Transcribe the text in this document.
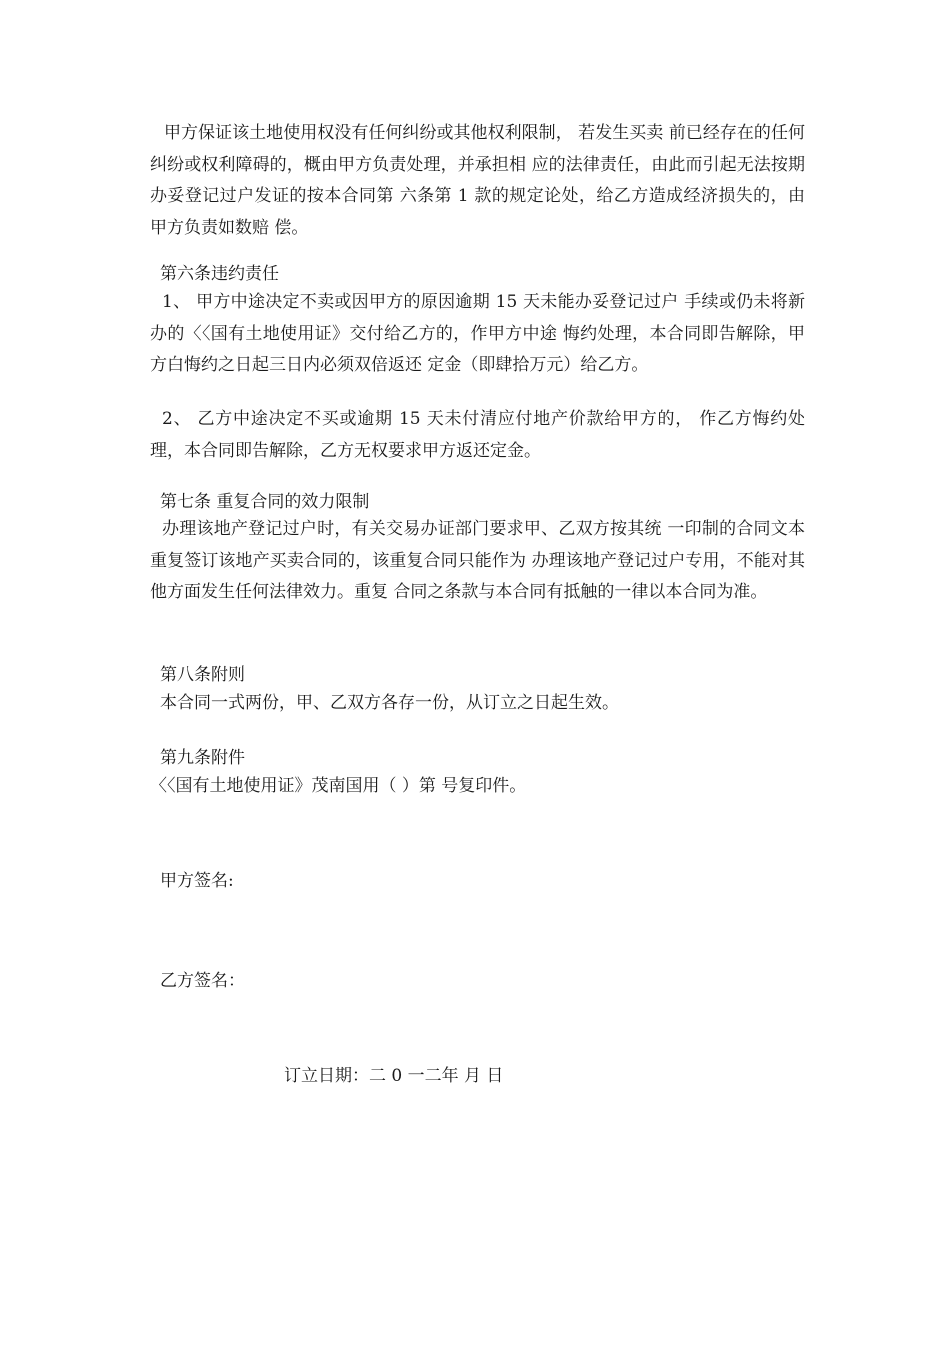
甲方保证该土地使用权没有任何纠纷或其他权利限制， 若发生买卖 前已经存在的任何纠纷或权利障碍的，概由甲方负责处理，并承担相 应的法律责任，由此而引起无法按期办妥登记过户发证的按本合同第 六条第 1 款的规定论处，给乙方造成经济损失的，由甲方负责如数赔 偿。

第六条违约责任

1、 甲方中途决定不卖或因甲方的原因逾期 15 天未能办妥登记过户 手续或仍未将新办的〈〈国有土地使用证》交付给乙方的，作甲方中途 悔约处理，本合同即告解除，甲方白悔约之日起三日内必须双倍返还 定金（即肆拾万元）给乙方。

2、 乙方中途决定不买或逾期 15 天未付清应付地产价款给甲方的， 作乙方悔约处理，本合同即告解除，乙方无权要求甲方返还定金。

第七条 重复合同的效力限制

办理该地产登记过户时，有关交易办证部门要求甲、乙双方按其统 一印制的合同文本重复签订该地产买卖合同的，该重复合同只能作为 办理该地产登记过户专用，不能对其他方面发生任何法律效力。重复 合同之条款与本合同有抵触的一律以本合同为准。

第八条附则

本合同一式两份，甲、乙双方各存一份，从订立之日起生效。

第九条附件

〈〈国有土地使用证》茂南国用（ ）第 号复印件。

甲方签名:

乙方签名：

订立日期：二 0 一二年 月 日
